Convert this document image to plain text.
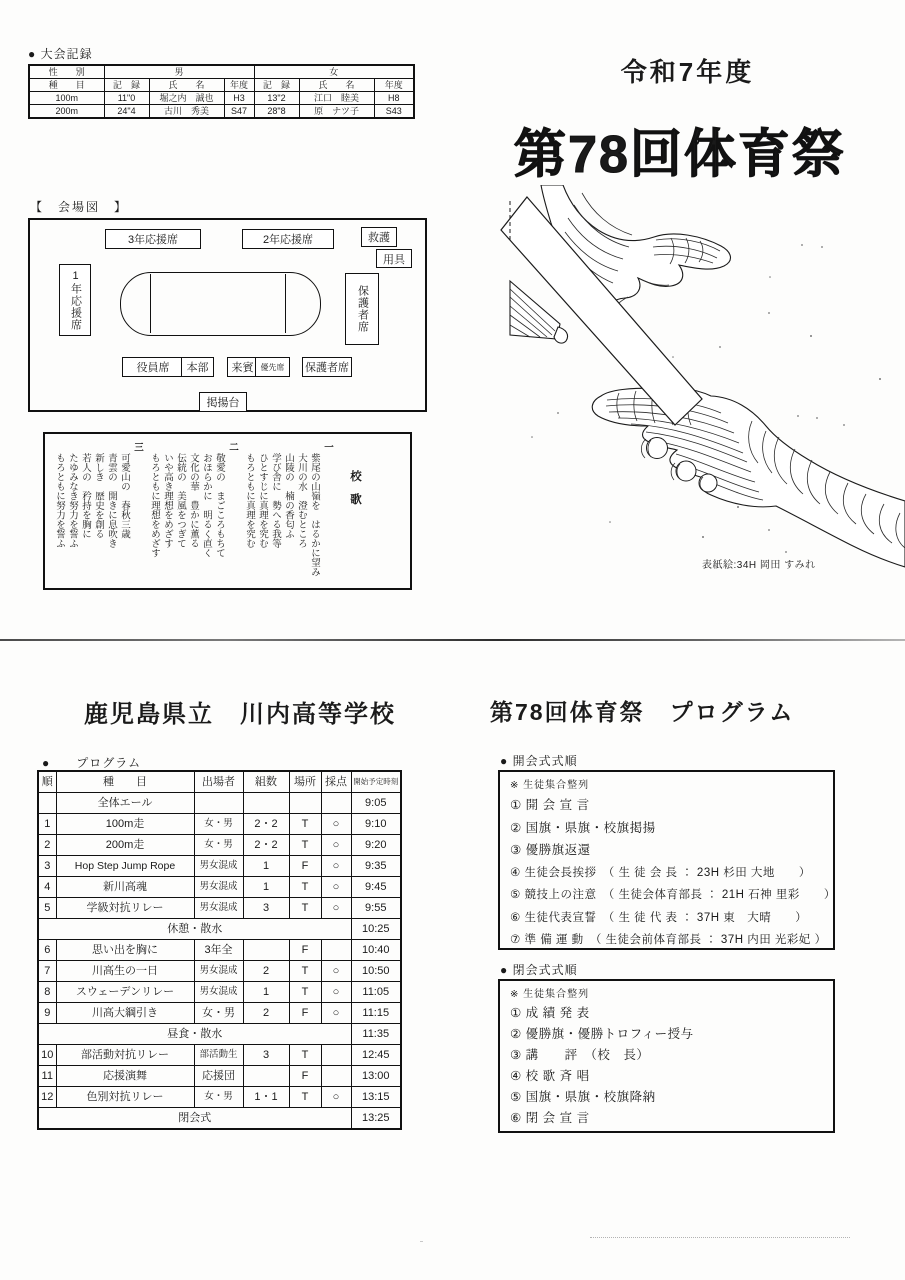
● 大会記録
性　　別	男			女		
種　　目	記　録	氏　　名	年度	記　録	氏　　名	年度
100m	11"0	堀之内　誠也	H3	13"2	江口　睦美	H8
200m	24"4	古川　秀美	S47	28"8	原　ナツ子	S43
【　会場図　】
3年応援席	2年応援席	救護
用具
1年応援席	保護者席
役員席	本部	来賓 優先席	保護者席
掲揚台
校　歌
一
紫尾の山嶺を　はるかに望み
大川の水　澄むところ
山陵の　楠の香匂ふ
学び舎に　勢へる我等
ひとすじに真理を究む
もろともに真理を究む
二
敬愛の　まごころもちて
おほらかに　明るく直く
文化の華　豊かに薫る
伝統の　美風をつぎて
いや高き理想をめざす
もろともに理想をめざす
三
可愛山の　春秋三歳
青雲の　開きに息吹き
新しき　歴史を創る
若人の　矜持を胸に
たゆみなき努力を誓ふ
もろともに努力を誓ふ
令和7年度
第78回体育祭
表紙絵:34H 岡田 すみれ
鹿児島県立　川内高等学校
●　　プログラム
順	種　　目	出場者	組数	場所	採点	開始予定時刻
	全体エール					9:05
1	100m走	女・男	2・2	T	○	9:10
2	200m走	女・男	2・2	T	○	9:20
3	Hop Step Jump Rope	男女混成	1	F	○	9:35
4	新川高魂	男女混成	1	T	○	9:45
5	学級対抗リレー	男女混成	3	T	○	9:55
休憩・散水						10:25
6	思い出を胸に	3年全		F		10:40
7	川高生の一日	男女混成	2	T	○	10:50
8	スウェーデンリレー	男女混成	1	T	○	11:05
9	川高大綱引き	女・男	2	F	○	11:15
昼食・散水						11:35
10	部活動対抗リレー	部活動生	3	T		12:45
11	応援演舞	応援団		F		13:00
12	色別対抗リレー	女・男	1・1	T	○	13:15
閉会式						13:25
第78回体育祭　プログラム
● 開会式式順
※ 生徒集合整列
① 開 会 宣 言
② 国旗・県旗・校旗掲揚
③ 優勝旗返還
④ 生徒会長挨拶　（ 生 徒 会 長 ： 23H 杉田 大地　　）
⑤ 競技上の注意　（ 生徒会体育部長 ： 21H 石神 里彩　　）
⑥ 生徒代表宣誓　（ 生 徒 代 表 ： 37H 東　大晴　　）
⑦ 準 備 運 動　（ 生徒会前体育部長 ： 37H 内田 光彩妃 ）
● 閉会式式順
※ 生徒集合整列
① 成 績 発 表
② 優勝旗・優勝トロフィー授与
③ 講　　評　（校　長）
④ 校 歌 斉 唱
⑤ 国旗・県旗・校旗降納
⑥ 閉 会 宣 言
